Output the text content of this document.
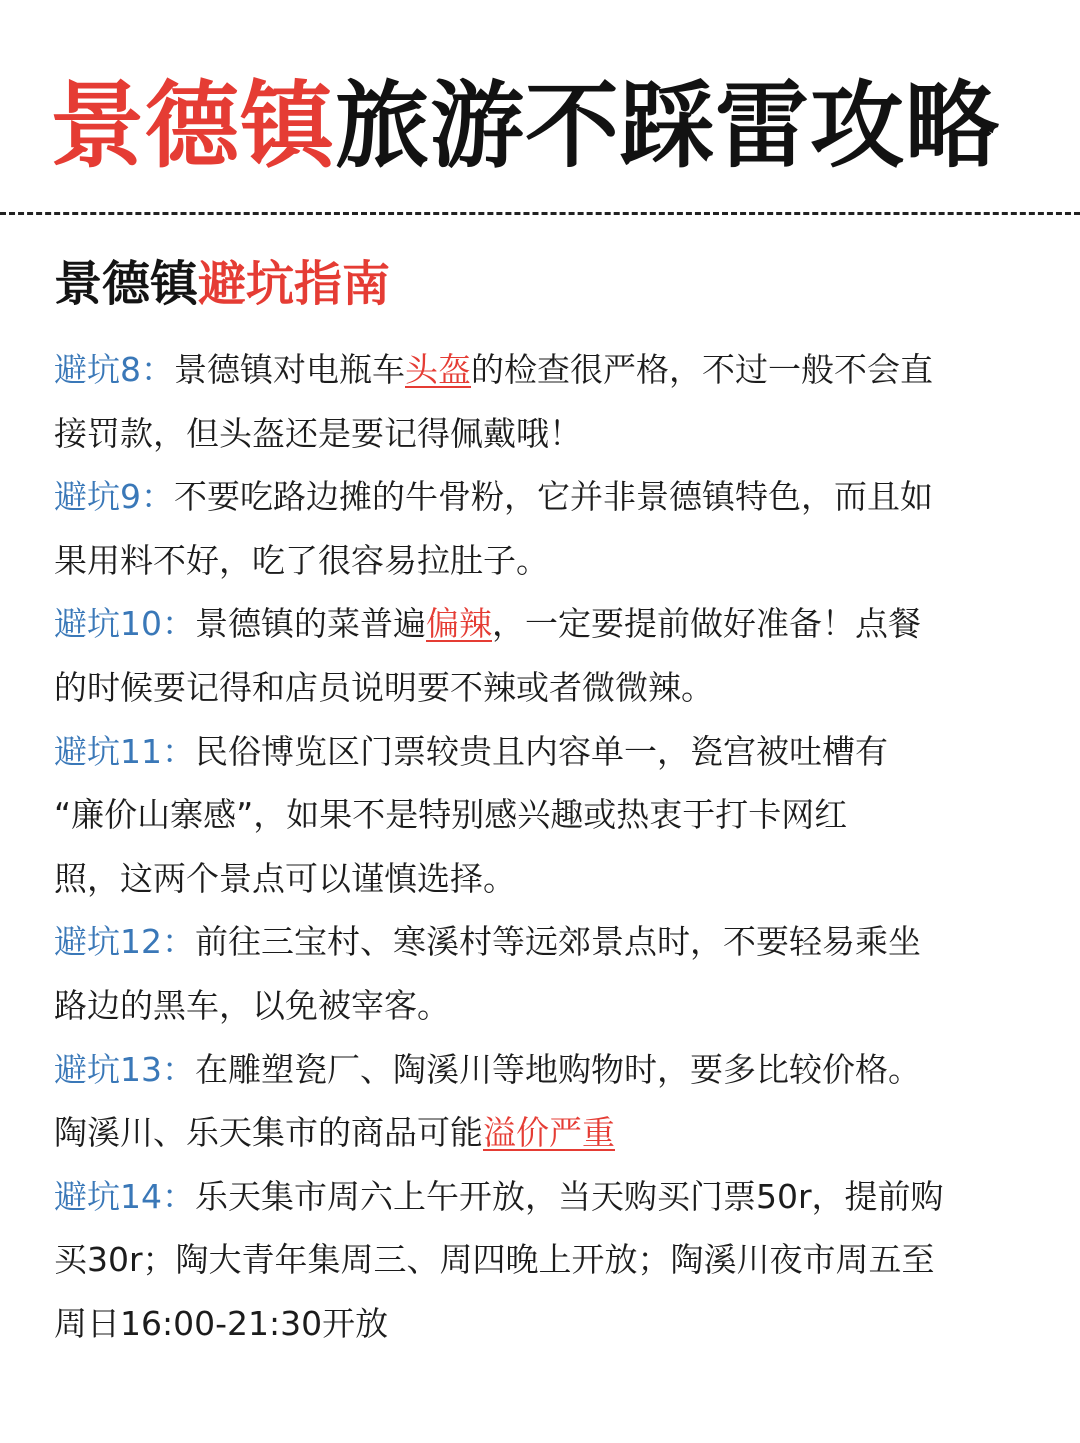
景德镇旅游不踩雷攻略
景德镇避坑指南
避坑8：景德镇对电瓶车头盔的检查很严格，不过一般不会直
接罚款，但头盔还是要记得佩戴哦！
避坑9：不要吃路边摊的牛骨粉，它并非景德镇特色，而且如
果用料不好，吃了很容易拉肚子。
避坑10：景德镇的菜普遍偏辣，一定要提前做好准备！点餐
的时候要记得和店员说明要不辣或者微微辣。
避坑11：民俗博览区门票较贵且内容单一，瓷宫被吐槽有
“廉价山寨感”，如果不是特别感兴趣或热衷于打卡网红
照，这两个景点可以谨慎选择。
避坑12：前往三宝村、寒溪村等远郊景点时，不要轻易乘坐
路边的黑车，以免被宰客。
避坑13：在雕塑瓷厂、陶溪川等地购物时，要多比较价格。
陶溪川、乐天集市的商品可能溢价严重
避坑14：乐天集市周六上午开放，当天购买门票50r，提前购
买30r；陶大青年集周三、周四晚上开放；陶溪川夜市周五至
周日16:00-21:30开放
